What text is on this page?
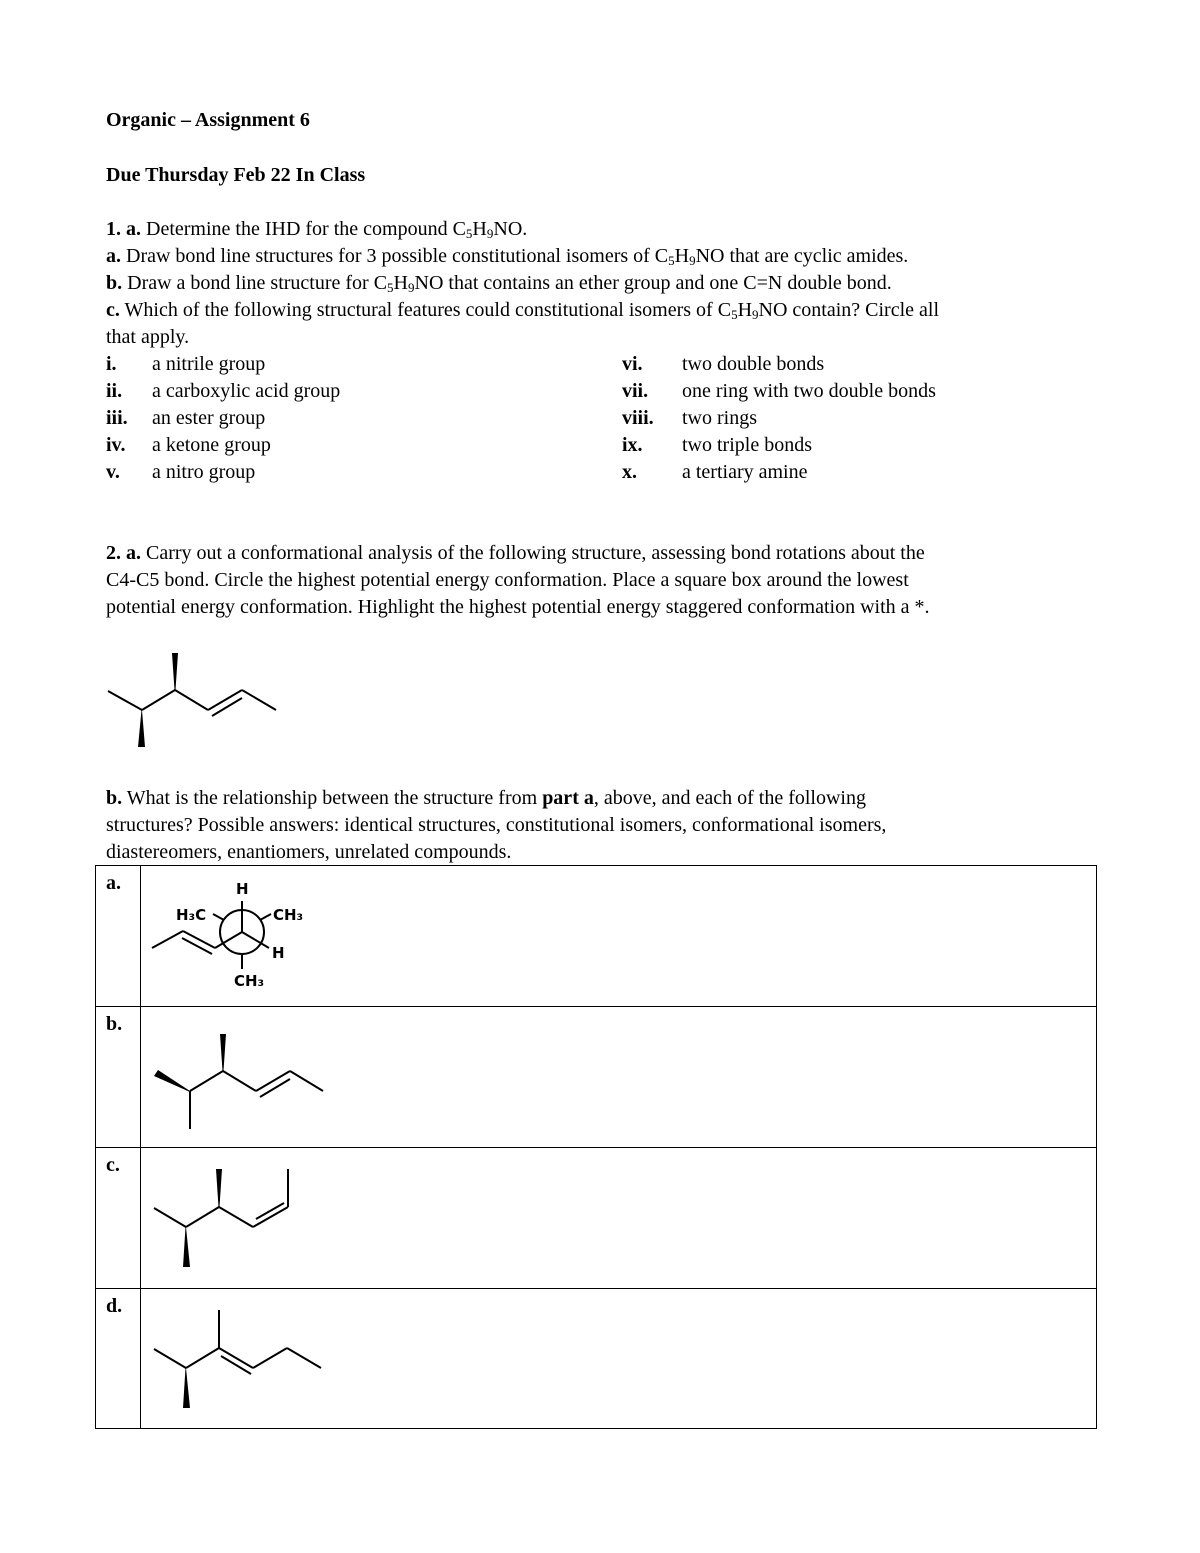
Organic – Assignment 6
Due Thursday Feb 22 In Class
1. a. Determine the IHD for the compound $C_5H_9NO$.
a. Draw bond line structures for 3 possible constitutional isomers of $C_5H_9NO$ that are cyclic amides.
b. Draw a bond line structure for $C_5H_9NO$ that contains an ether group and one C=N double bond.
c. Which of the following structural features could constitutional isomers of $C_5H_9NO$ contain? Circle all
that apply.
i. a nitrile group
ii. a carboxylic acid group
iii. an ester group
iv. a ketone group
v. a nitro group
vi. two double bonds
vii. one ring with two double bonds
viii. two rings
ix. two triple bonds
x. a tertiary amine
2. a. Carry out a conformational analysis of the following structure, assessing bond rotations about the
C4-C5 bond. Circle the highest potential energy conformation. Place a square box around the lowest
potential energy conformation. Highlight the highest potential energy staggered conformation with a *.
b. What is the relationship between the structure from part a, above, and each of the following
structures? Possible answers: identical structures, constitutional isomers, conformational isomers,
diastereomers, enantiomers, unrelated compounds.
a.	H
H₃C	CH₃
H
CH₃
b.
c.
d.
